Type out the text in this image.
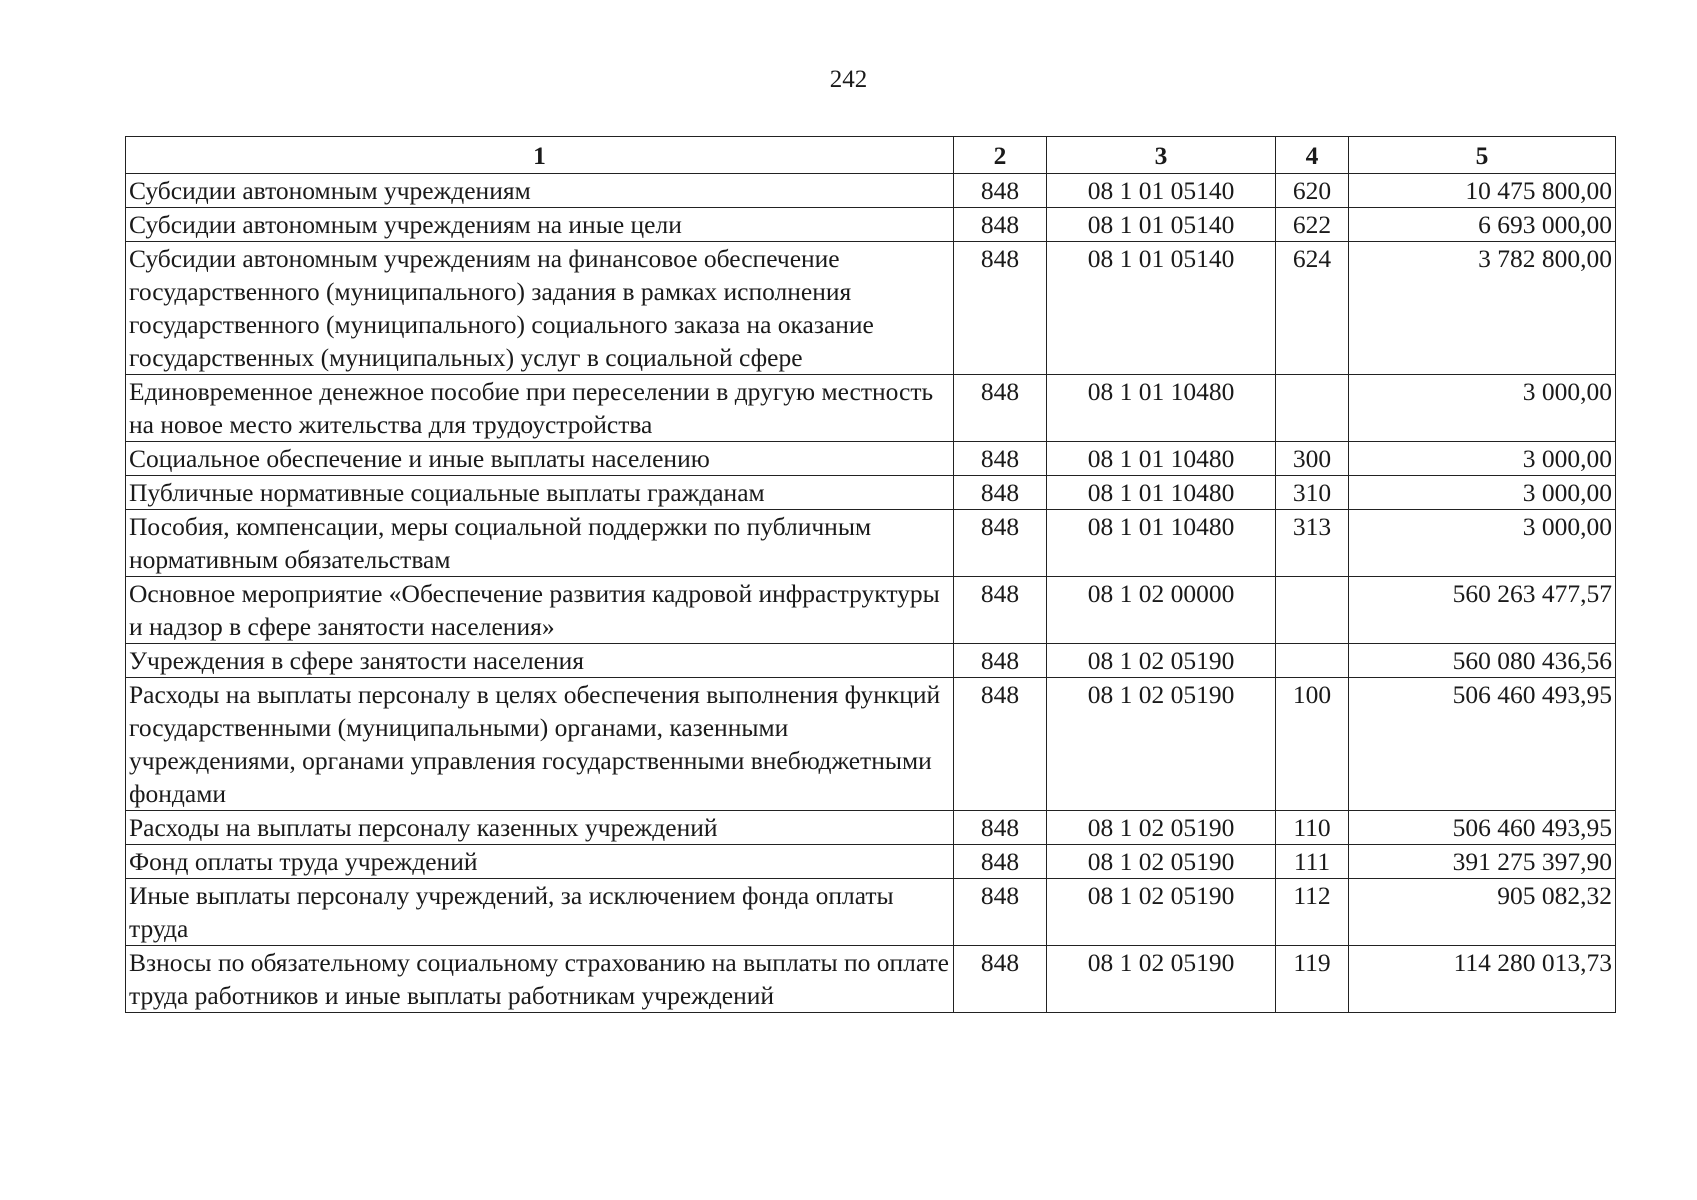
242
1	2	3	4	5
Субсидии автономным учреждениям	848	08 1 01 05140	620	10 475 800,00
Субсидии автономным учреждениям на иные цели	848	08 1 01 05140	622	6 693 000,00
Субсидии автономным учреждениям на финансовое обеспечение государственного (муниципального) задания в рамках исполнения государственного (муниципального) социального заказа на оказание государственных (муниципальных) услуг в социальной сфере	848	08 1 01 05140	624	3 782 800,00
Единовременное денежное пособие при переселении в другую местность на новое место жительства для трудоустройства	848	08 1 01 10480		3 000,00
Социальное обеспечение и иные выплаты населению	848	08 1 01 10480	300	3 000,00
Публичные нормативные социальные выплаты гражданам	848	08 1 01 10480	310	3 000,00
Пособия, компенсации, меры социальной поддержки по публичным нормативным обязательствам	848	08 1 01 10480	313	3 000,00
Основное мероприятие «Обеспечение развития кадровой инфраструктуры и надзор в сфере занятости населения»	848	08 1 02 00000		560 263 477,57
Учреждения в сфере занятости населения	848	08 1 02 05190		560 080 436,56
Расходы на выплаты персоналу в целях обеспечения выполнения функций государственными (муниципальными) органами, казенными учреждениями, органами управления государственными внебюджетными фондами	848	08 1 02 05190	100	506 460 493,95
Расходы на выплаты персоналу казенных учреждений	848	08 1 02 05190	110	506 460 493,95
Фонд оплаты труда учреждений	848	08 1 02 05190	111	391 275 397,90
Иные выплаты персоналу учреждений, за исключением фонда оплаты труда	848	08 1 02 05190	112	905 082,32
Взносы по обязательному социальному страхованию на выплаты по оплате труда работников и иные выплаты работникам учреждений	848	08 1 02 05190	119	114 280 013,73
